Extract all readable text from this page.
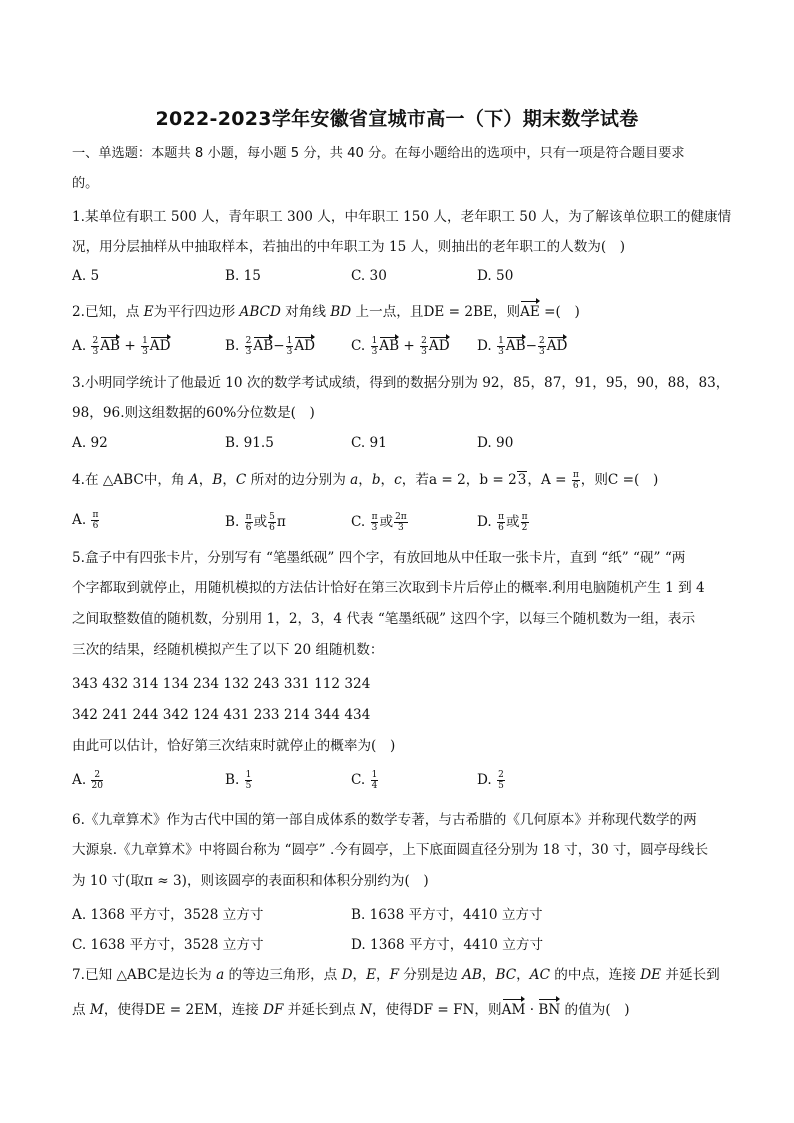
2022-2023学年安徽省宣城市高一（下）期末数学试卷
一、单选题：本题共 8 小题，每小题 5 分，共 40 分。在每小题给出的选项中，只有一项是符合题目要求
的。
1.某单位有职工 500 人，青年职工 300 人，中年职工 150 人，老年职工 50 人，为了解该单位职工的健康情
况，用分层抽样从中抽取样本，若抽出的中年职工为 15 人，则抽出的老年职工的人数为(　)
A. 5	B. 15	C. 30	D. 50
2.已知，点 E为平行四边形 ABCD 对角线 BD 上一点，且DE = 2BE，则AE =(　)
A. $\frac{2}{3}$ AB + $\frac{1}{3}$ AD	B. $\frac{2}{3} AB- \frac{1}{3}$ AD	C. $\frac{1}{3}$ AB + $\frac{2}{3}$ AD D. $\frac{1}{3} AB- \frac{2}{3}$ AD
3.小明同学统计了他最近 10 次的数学考试成绩，得到的数据分别为 92，85，87，91，95，90，88，83，
98，96.则这组数据的60%分位数是(　)
A. 92	B. 91.5	C. 91	D. 90
4.在 △ABC中，角 A，B，C 所对的边分别为 a，b，c，若a = 2，b = 23，$A = \frac{\pi}{6}$ ，则C =(　)
A. $\frac{\pi}{6}$	B. $\frac{\pi}{6}$ 或 $\frac{5}{6}$ π	C. $\frac{\pi}{3}$ 或 $\frac{2\pi}{3}$	D. $\frac{\pi}{6}$ 或 $\frac{\pi}{2}$
5.盒子中有四张卡片，分别写有 “笔墨纸砚” 四个字，有放回地从中任取一张卡片，直到 “纸” “砚” “两
个字都取到就停止，用随机模拟的方法估计恰好在第三次取到卡片后停止的概率.利用电脑随机产生 1 到 4
之间取整数值的随机数，分别用 1，2，3，4 代表 “笔墨纸砚” 这四个字，以每三个随机数为一组，表示
三次的结果，经随机模拟产生了以下 20 组随机数：
343 432 314 134 234 132 243 331 112 324
342 241 244 342 124 431 233 214 344 434
由此可以估计，恰好第三次结束时就停止的概率为(　)
A. $\frac{2}{20}$	B. $\frac{1}{5}$	C. $\frac{1}{4}$	D. $\frac{2}{5}$
6.《九章算术》作为古代中国的第一部自成体系的数学专著，与古希腊的《几何原本》并称现代数学的两
大源泉.《九章算术》中将圆台称为 “圆亭” .今有圆亭，上下底面圆直径分别为 18 寸，30 寸，圆亭母线长
为 10 寸(取π ≈ 3)，则该圆亭的表面积和体积分别约为(　)
A. 1368 平方寸，3528 立方寸	B. 1638 平方寸，4410 立方寸
C. 1638 平方寸，3528 立方寸	D. 1368 平方寸，4410 立方寸
7.已知 △ABC是边长为 a 的等边三角形，点 D，E，F 分别是边 AB，BC，AC 的中点，连接 DE 并延长到
点 M，使得DE = 2EM，连接 DF 并延长到点 N，使得DF = FN，则AM · BN 的值为(　)
